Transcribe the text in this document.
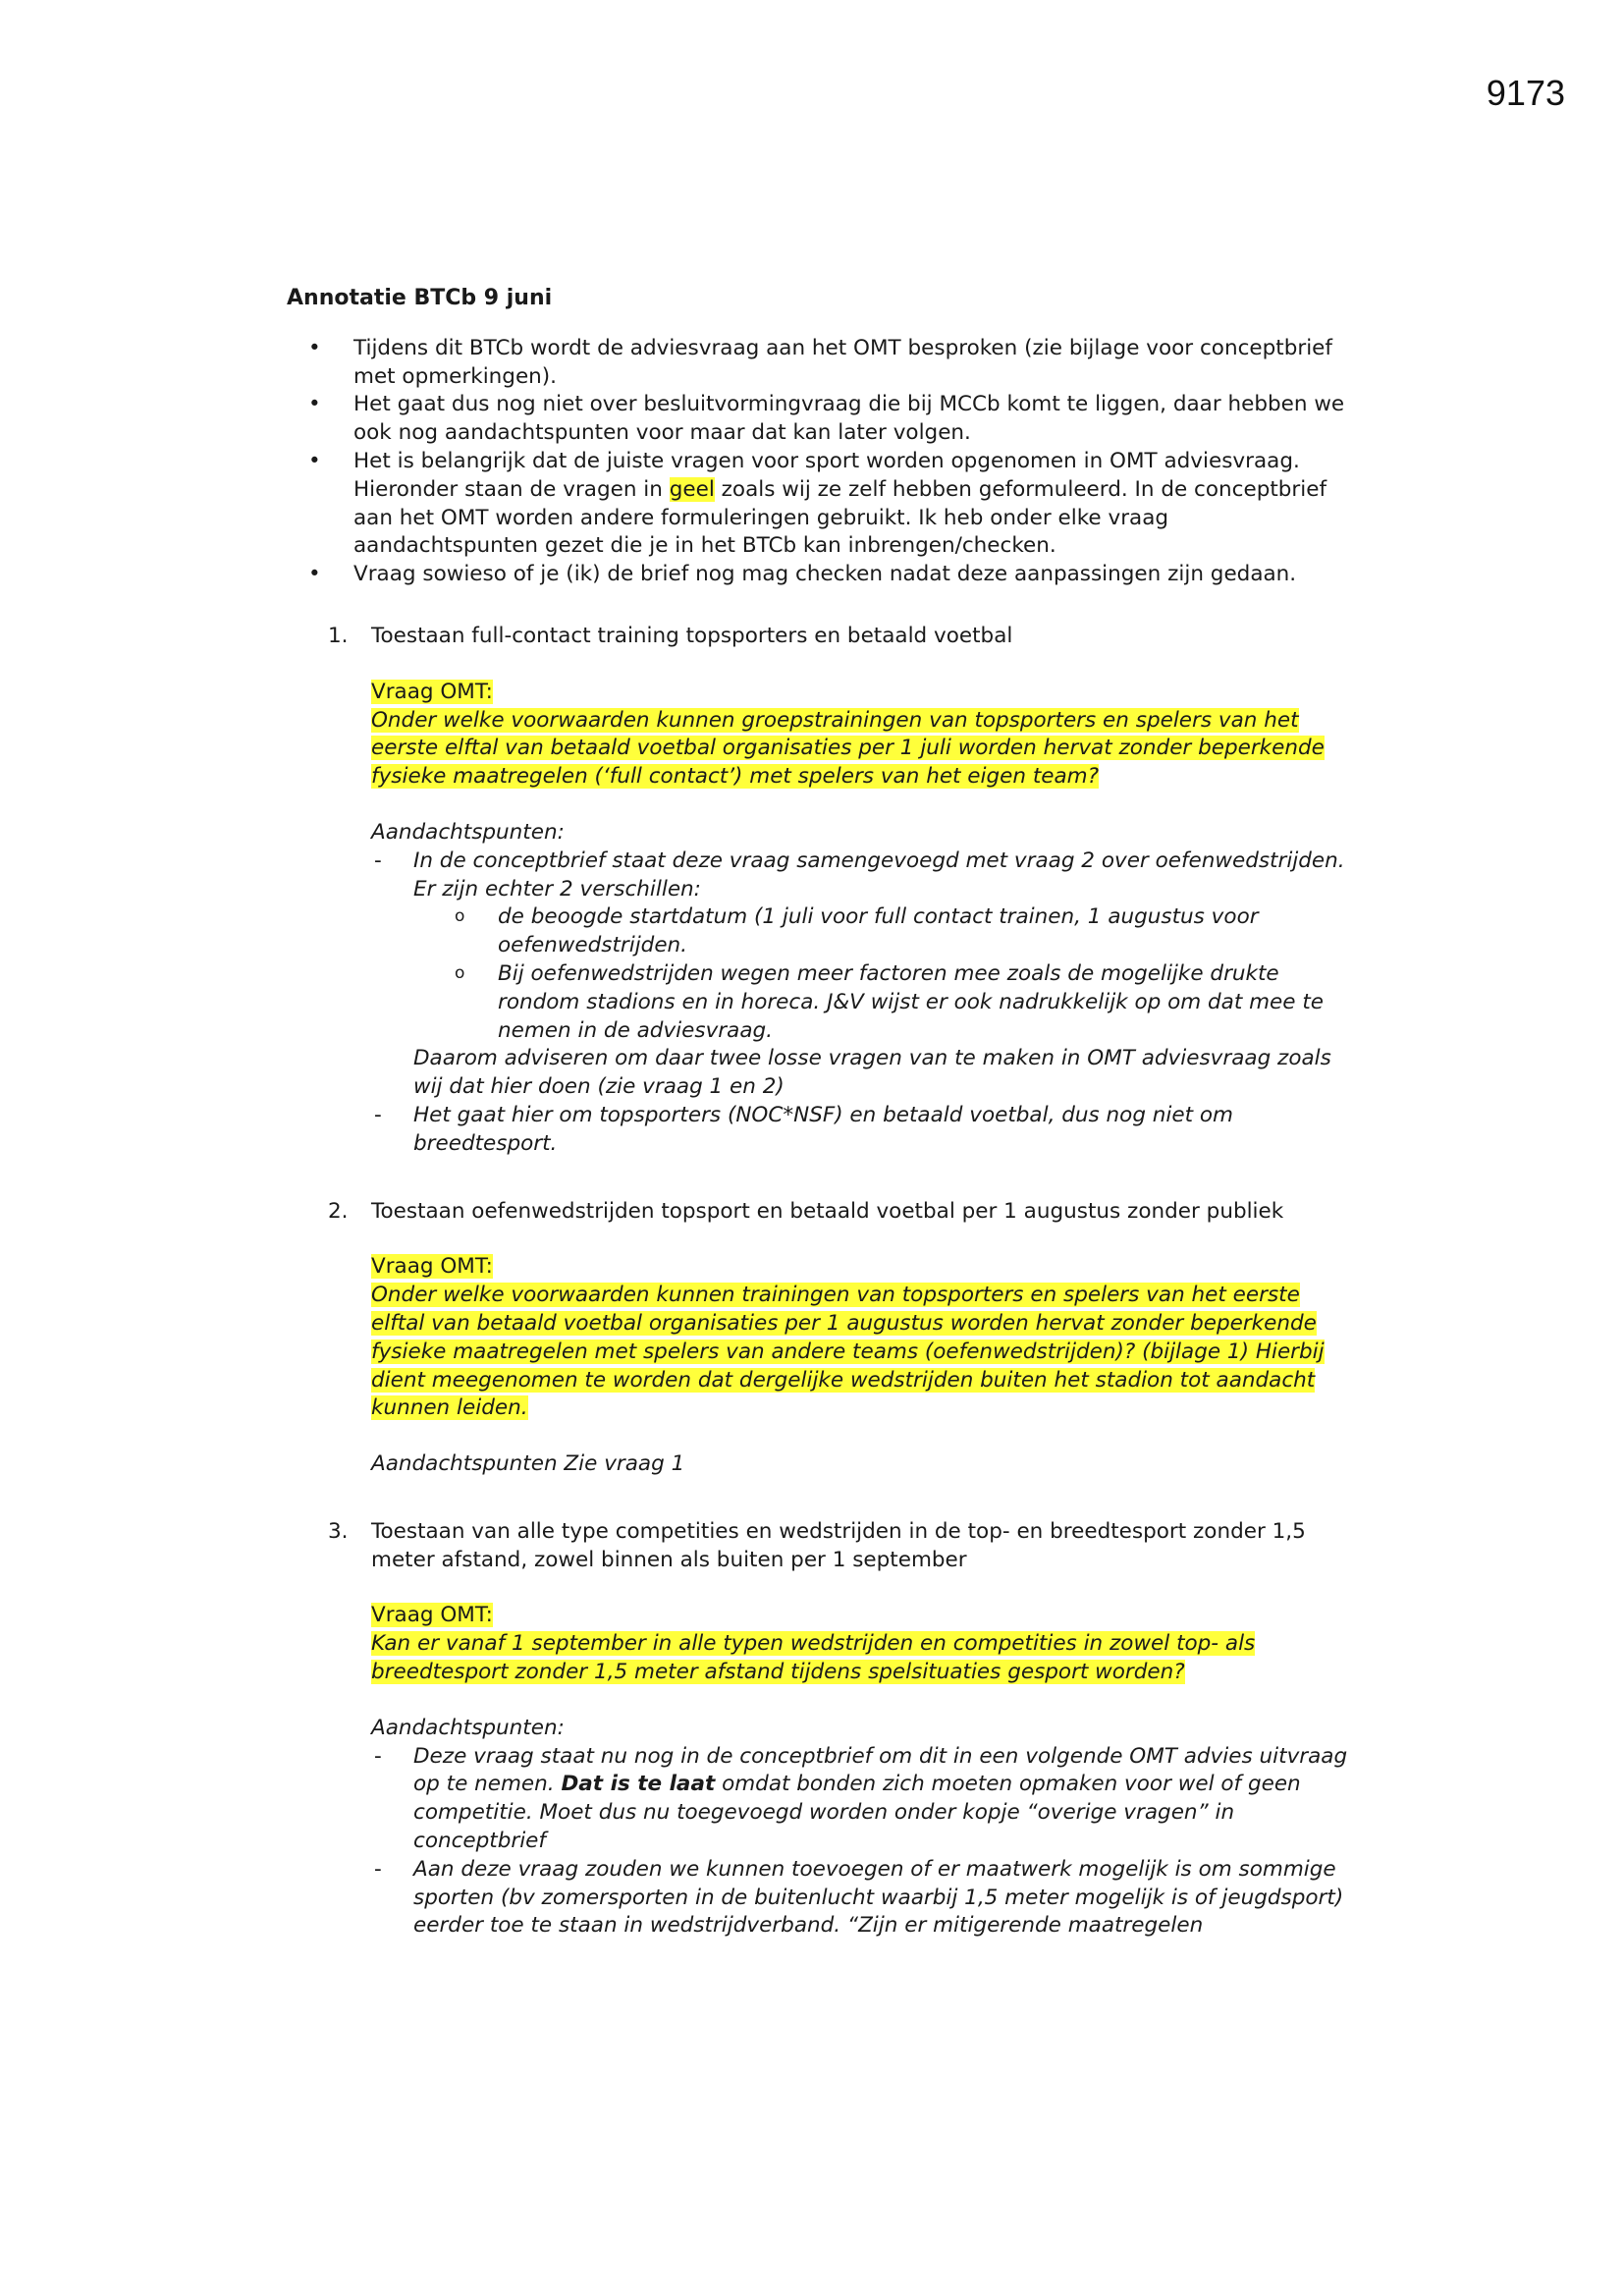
9173

Annotatie BTCb 9 juni

• Tijdens dit BTCb wordt de adviesvraag aan het OMT besproken (zie bijlage voor conceptbrief met opmerkingen).
• Het gaat dus nog niet over besluitvormingvraag die bij MCCb komt te liggen, daar hebben we ook nog aandachtspunten voor maar dat kan later volgen.
• Het is belangrijk dat de juiste vragen voor sport worden opgenomen in OMT adviesvraag. Hieronder staan de vragen in geel zoals wij ze zelf hebben geformuleerd. In de conceptbrief aan het OMT worden andere formuleringen gebruikt. Ik heb onder elke vraag aandachtspunten gezet die je in het BTCb kan inbrengen/checken.
• Vraag sowieso of je (ik) de brief nog mag checken nadat deze aanpassingen zijn gedaan.
1. Toestaan full-contact training topsporters en betaald voetbal

Vraag OMT:

Onder welke voorwaarden kunnen groepstrainingen van topsporters en spelers van het eerste elftal van betaald voetbal organisaties per 1 juli worden hervat zonder beperkende fysieke maatregelen (‘full contact’) met spelers van het eigen team?

Aandachtspunten:

- In de conceptbrief staat deze vraag samengevoegd met vraag 2 over oefenwedstrijden. Er zijn echter 2 verschillen:
o de beoogde startdatum (1 juli voor full contact trainen, 1 augustus voor oefenwedstrijden.
o Bij oefenwedstrijden wegen meer factoren mee zoals de mogelijke drukte rondom stadions en in horeca. J&V wijst er ook nadrukkelijk op om dat mee te nemen in de adviesvraag.
Daarom adviseren om daar twee losse vragen van te maken in OMT adviesvraag zoals wij dat hier doen (zie vraag 1 en 2)
- Het gaat hier om topsporters (NOC*NSF) en betaald voetbal, dus nog niet om breedtesport.
2. Toestaan oefenwedstrijden topsport en betaald voetbal per 1 augustus zonder publiek

Vraag OMT:

Onder welke voorwaarden kunnen trainingen van topsporters en spelers van het eerste elftal van betaald voetbal organisaties per 1 augustus worden hervat zonder beperkende fysieke maatregelen met spelers van andere teams (oefenwedstrijden)? (bijlage 1) Hierbij dient meegenomen te worden dat dergelijke wedstrijden buiten het stadion tot aandacht kunnen leiden.

Aandachtspunten Zie vraag 1

3. Toestaan van alle type competities en wedstrijden in de top- en breedtesport zonder 1,5 meter afstand, zowel binnen als buiten per 1 september

Vraag OMT:

Kan er vanaf 1 september in alle typen wedstrijden en competities in zowel top- als breedtesport zonder 1,5 meter afstand tijdens spelsituaties gesport worden?

Aandachtspunten:

- Deze vraag staat nu nog in de conceptbrief om dit in een volgende OMT advies uitvraag op te nemen. Dat is te laat omdat bonden zich moeten opmaken voor wel of geen competitie. Moet dus nu toegevoegd worden onder kopje “overige vragen” in conceptbrief
- Aan deze vraag zouden we kunnen toevoegen of er maatwerk mogelijk is om sommige sporten (bv zomersporten in de buitenlucht waarbij 1,5 meter mogelijk is of jeugdsport) eerder toe te staan in wedstrijdverband. “Zijn er mitigerende maatregelen
